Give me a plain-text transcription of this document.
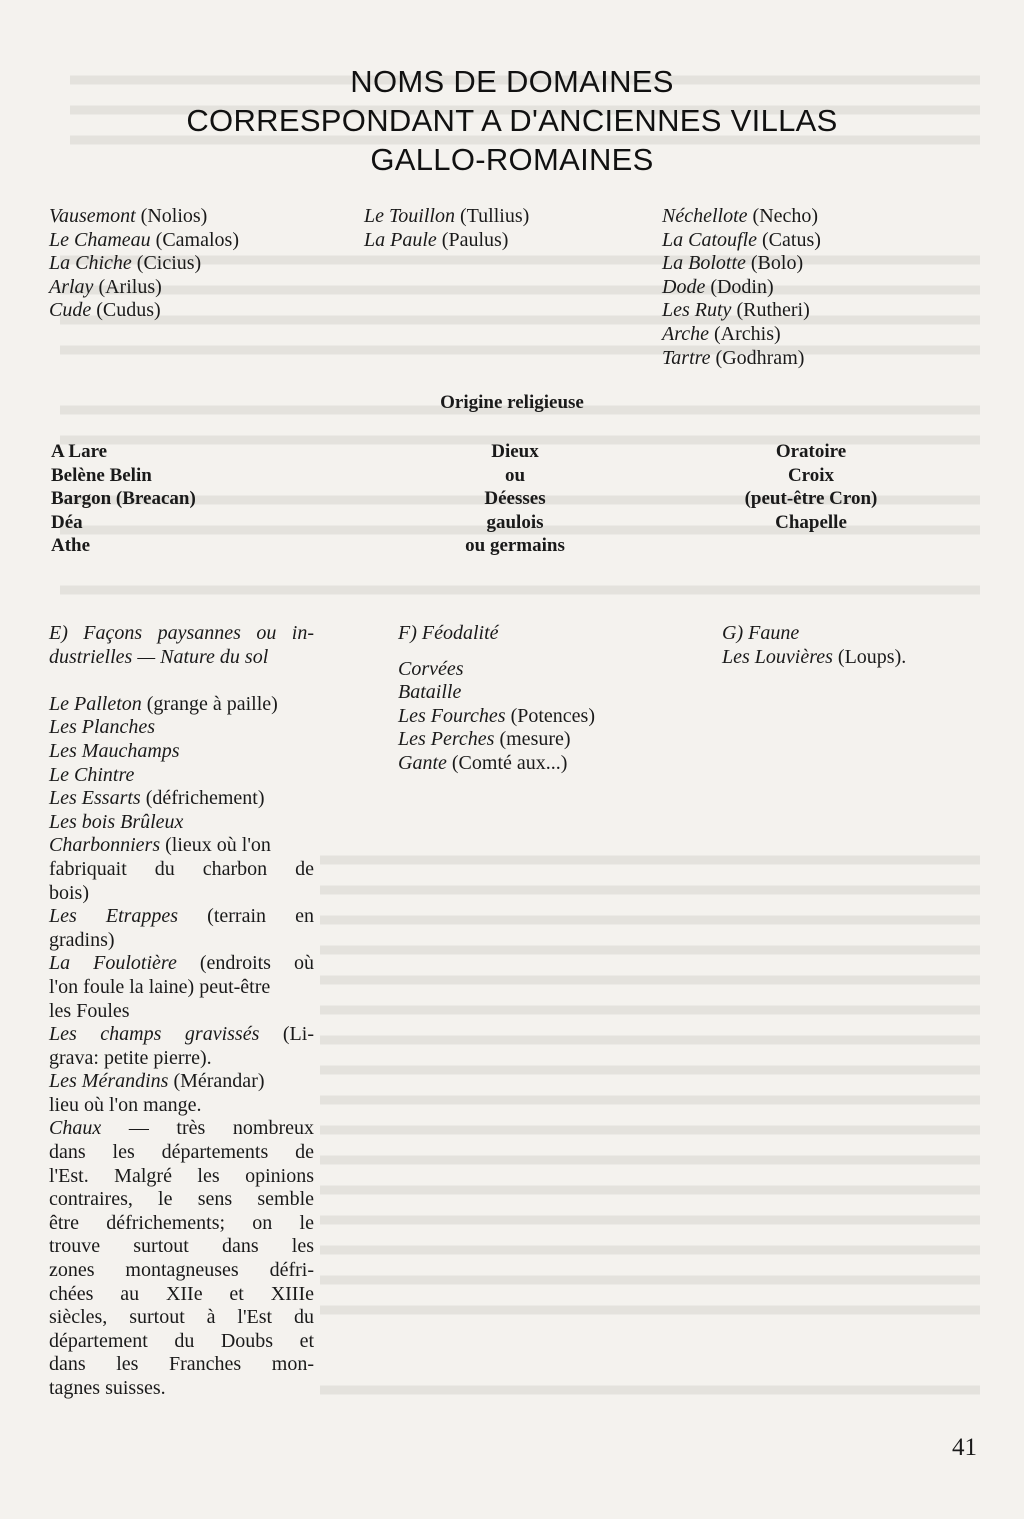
NOMS DE DOMAINES
CORRESPONDANT A D'ANCIENNES VILLAS
GALLO-ROMAINES
Vausemont (Nolios)
Le Chameau (Camalos)
La Chiche (Cicius)
Arlay (Arilus)
Cude (Cudus)
Le Touillon (Tullius)
La Paule (Paulus)
Néchellote (Necho)
La Catoufle (Catus)
La Bolotte (Bolo)
Dode (Dodin)
Les Ruty (Rutheri)
Arche (Archis)
Tartre (Godhram)
Origine religieuse
A Lare
Belène Belin
Bargon (Breacan)
Déa
Athe
Dieux
ou
Déesses
gaulois
ou germains
Oratoire
Croix
(peut-être Cron)
Chapelle
E) Façons paysannes ou in-
dustrielles — Nature du sol
Le Palleton (grange à paille)
Les Planches
Les Mauchamps
Le Chintre
Les Essarts (défrichement)
Les bois Brûleux
Charbonniers (lieux où l'on
fabriquait du charbon de
bois)
Les Etrappes (terrain en
gradins)
La Foulotière (endroits où
l'on foule la laine) peut-être
les Foules
Les champs gravissés (Li-
grava: petite pierre).
Les Mérandins (Mérandar)
lieu où l'on mange.
Chaux — très nombreux
dans les départements de
l'Est. Malgré les opinions
contraires, le sens semble
être défrichements; on le
trouve surtout dans les
zones montagneuses défri-
chées au XIIe et XIIIe
siècles, surtout à l'Est du
département du Doubs et
dans les Franches mon-
tagnes suisses.
F) Féodalité
Corvées
Bataille
Les Fourches (Potences)
Les Perches (mesure)
Gante (Comté aux...)
G) Faune
Les Louvières (Loups).
41
